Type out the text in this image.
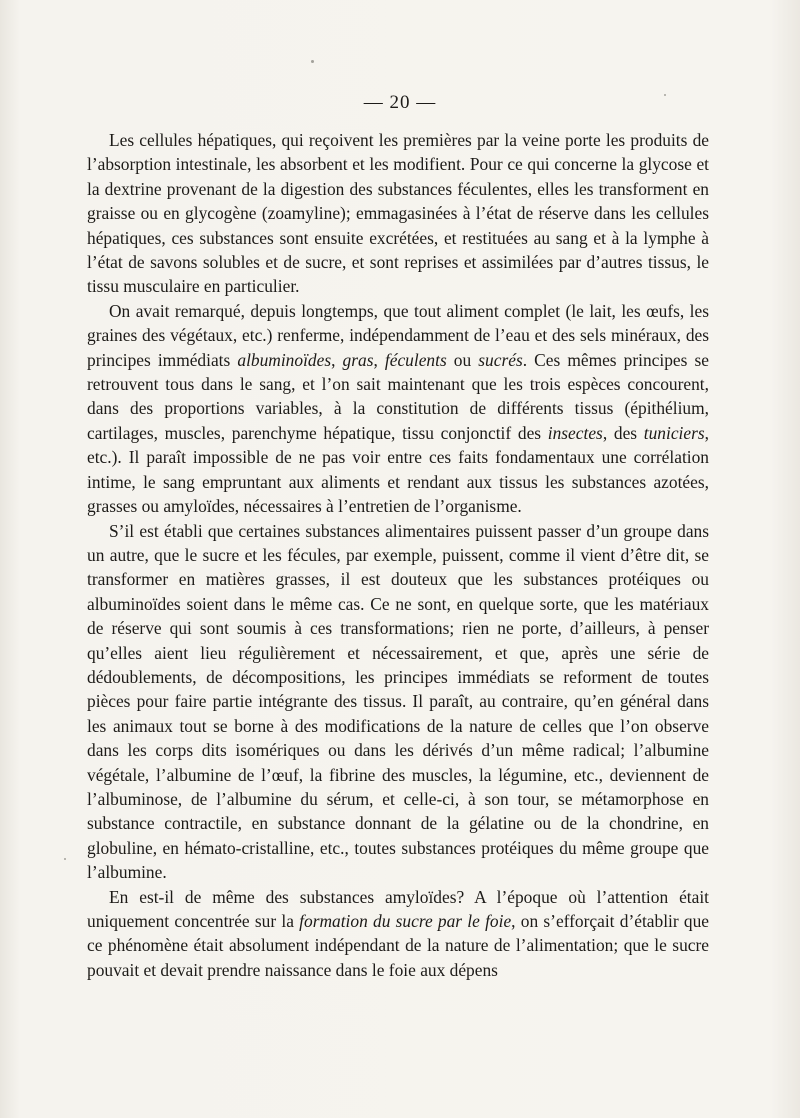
— 20 —

Les cellules hépatiques, qui reçoivent les premières par la veine porte les produits de l’absorption intestinale, les absorbent et les modifient. Pour ce qui concerne la glycose et la dextrine provenant de la digestion des substances féculentes, elles les transforment en graisse ou en glycogène (zoamyline); emmagasinées à l’état de réserve dans les cellules hépatiques, ces substances sont ensuite excrétées, et restituées au sang et à la lymphe à l’état de savons solubles et de sucre, et sont reprises et assimilées par d’autres tissus, le tissu musculaire en particulier.

On avait remarqué, depuis longtemps, que tout aliment complet (le lait, les œufs, les graines des végétaux, etc.) renferme, indépendamment de l’eau et des sels minéraux, des principes immédiats albuminoïdes, gras, féculents ou sucrés. Ces mêmes principes se retrouvent tous dans le sang, et l’on sait maintenant que les trois espèces concourent, dans des proportions variables, à la constitution de différents tissus (épithélium, cartilages, muscles, parenchyme hépatique, tissu conjonctif des insectes, des tuniciers, etc.). Il paraît impossible de ne pas voir entre ces faits fondamentaux une corrélation intime, le sang empruntant aux aliments et rendant aux tissus les substances azotées, grasses ou amyloïdes, nécessaires à l’entretien de l’organisme.

S’il est établi que certaines substances alimentaires puissent passer d’un groupe dans un autre, que le sucre et les fécules, par exemple, puissent, comme il vient d’être dit, se transformer en matières grasses, il est douteux que les substances protéiques ou albuminoïdes soient dans le même cas. Ce ne sont, en quelque sorte, que les matériaux de réserve qui sont soumis à ces transformations; rien ne porte, d’ailleurs, à penser qu’elles aient lieu régulièrement et nécessairement, et que, après une série de dédoublements, de décompositions, les principes immédiats se reforment de toutes pièces pour faire partie intégrante des tissus. Il paraît, au contraire, qu’en général dans les animaux tout se borne à des modifications de la nature de celles que l’on observe dans les corps dits isomériques ou dans les dérivés d’un même radical; l’albumine végétale, l’albumine de l’œuf, la fibrine des muscles, la légumine, etc., deviennent de l’albuminose, de l’albumine du sérum, et celle-ci, à son tour, se métamorphose en substance contractile, en substance donnant de la gélatine ou de la chondrine, en globuline, en hémato-cristalline, etc., toutes substances protéiques du même groupe que l’albumine.

En est-il de même des substances amyloïdes? A l’époque où l’attention était uniquement concentrée sur la formation du sucre par le foie, on s’efforçait d’établir que ce phénomène était absolument indépendant de la nature de l’alimentation; que le sucre pouvait et devait prendre naissance dans le foie aux dépens
